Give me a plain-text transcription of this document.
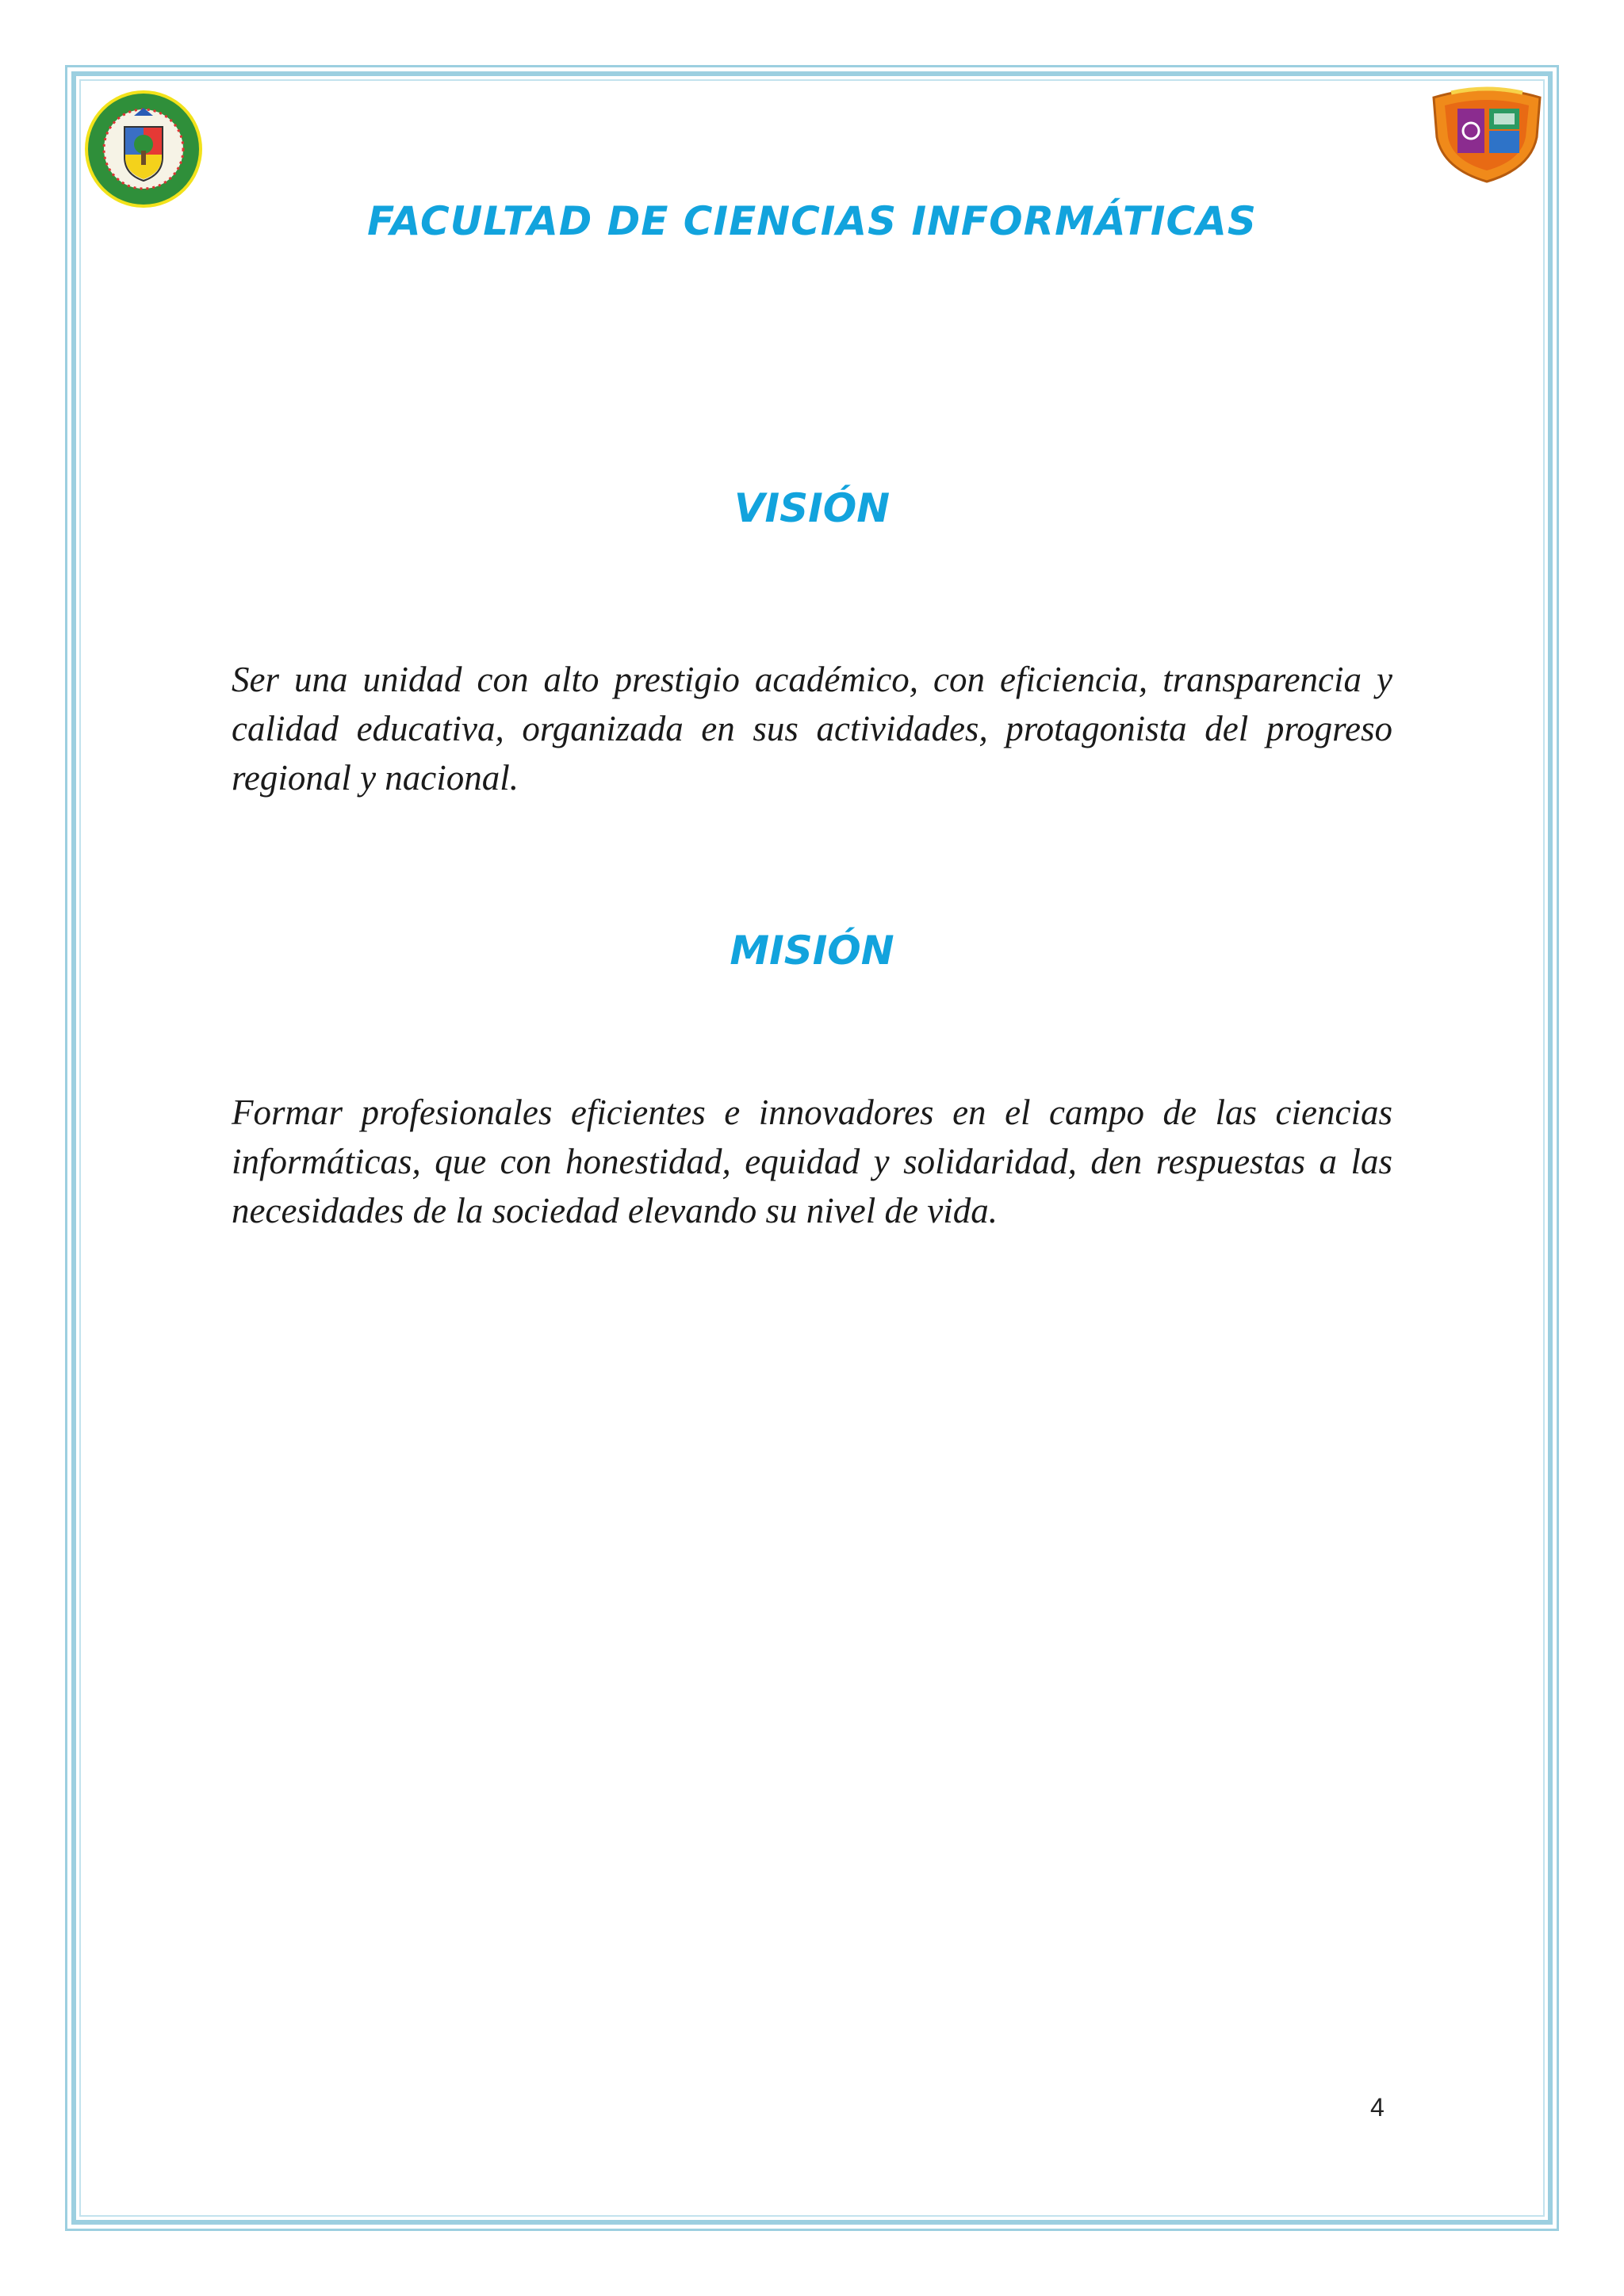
FACULTAD DE CIENCIAS INFORMÁTICAS
VISIÓN
Ser una unidad con alto prestigio académico, con eficiencia, transparencia y calidad educativa, organizada en sus actividades, protagonista del progreso regional y nacional.
MISIÓN
Formar profesionales eficientes e innovadores en el campo de las ciencias informáticas, que con honestidad, equidad y solidaridad, den respuestas a las necesidades de la sociedad elevando su nivel de vida.
4
